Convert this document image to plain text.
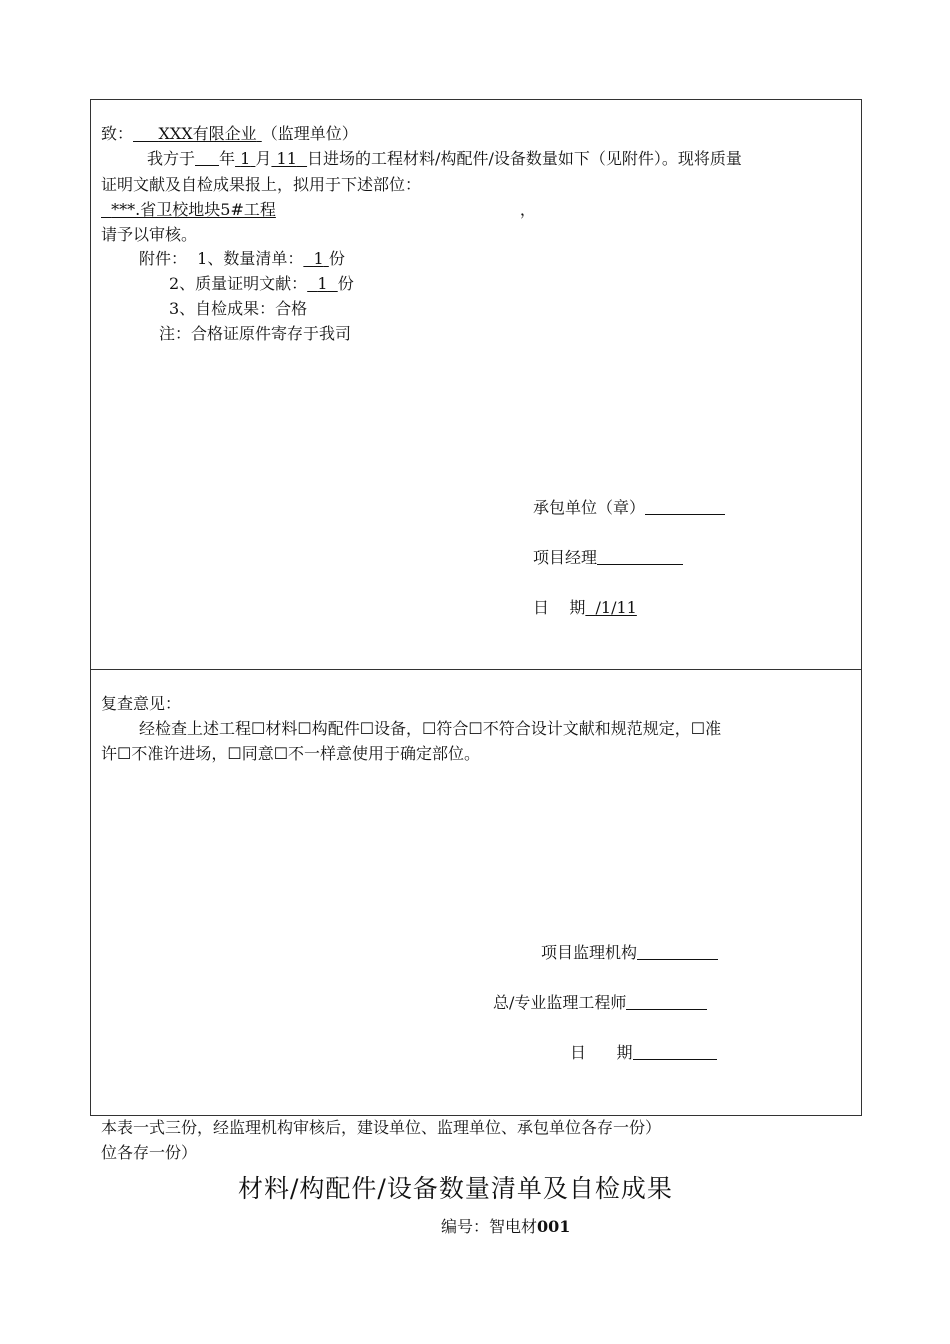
致： XXX有限企业 （监理单位）
我方于 年 1 月 11 日进场的工程材料/构配件/设备数量如下（见附件）。现将质量
证明文献及自检成果报上，拟用于下述部位：
***.省卫校地块5#工程	，
请予以审核。
附件：  1、数量清单： 1 份
2、质量证明文献： 1 份
3、自检成果：合格
注：合格证原件寄存于我司
承包单位（章）
项目经理
日    期 /1/11
复查意见：
经检查上述工程☐材料☐构配件☐设备，☐符合☐不符合设计文献和规范规定，☐准
许☐不准许进场，☐同意☐不一样意使用于确定部位。
项目监理机构
总/专业监理工程师
日      期
本表一式三份，经监理机构审核后，建设单位、监理单位、承包单位各存一份）
位各存一份）
材料/构配件/设备数量清单及自检成果
编号：智电材001
